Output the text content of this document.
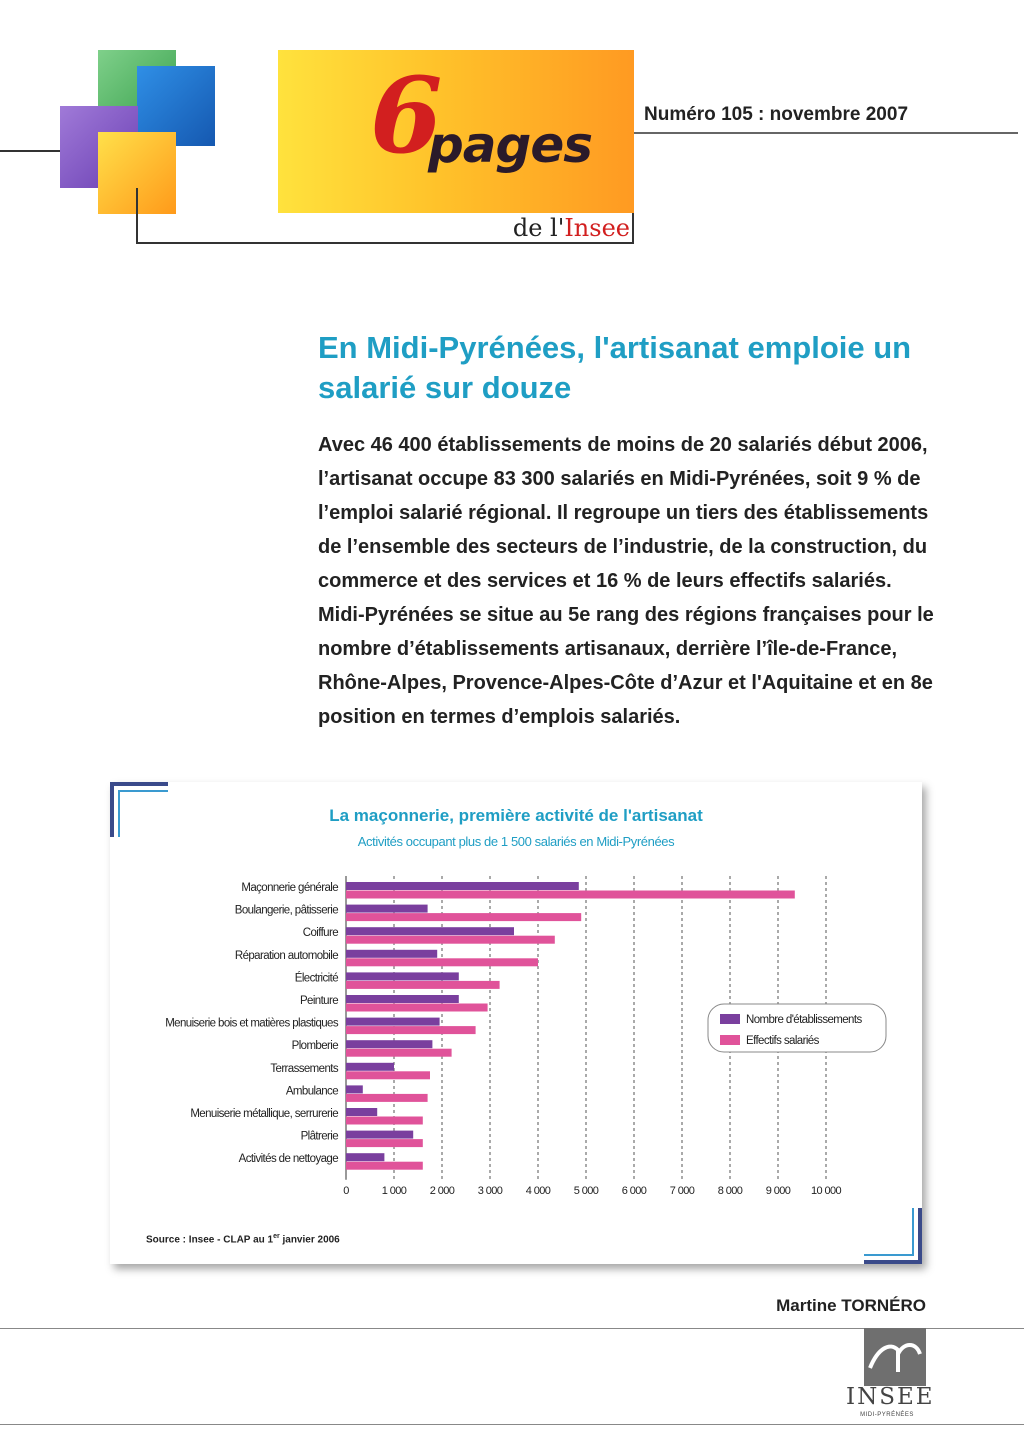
6
pages
de l'Insee
Numéro 105 : novembre 2007
En Midi-Pyrénées, l'artisanat emploie un salarié sur douze

Avec 46 400 établissements de moins de 20 salariés début 2006, l’artisanat occupe 83 300 salariés en Midi-Pyrénées, soit 9 % de l’emploi salarié régional. Il regroupe un tiers des établissements de l’ensemble des secteurs de l’industrie, de la construction, du commerce et des services et 16 % de leurs effectifs salariés. Midi-Pyrénées se situe au 5e rang des régions françaises pour le nombre d’établissements artisanaux, derrière l’île-de-France, Rhône-Alpes, Provence-Alpes-Côte d’Azur et l'Aquitaine et en 8e position en termes d’emplois salariés.

La maçonnerie, première activité de l'artisanat
Activités occupant plus de 1 500 salariés en Midi-Pyrénées
0	1 000 2 000 3 000 4 000 5 000 6 000 7 000 8 000 9 000 10 000
Maçonnerie générale
Boulangerie, pâtisserie
Coiffure
Réparation automobile
Électricité
Peinture
Menuiserie bois et matières plastiques
Plomberie
Terrassements
Ambulance
Menuiserie métallique, serrurerie
Plâtrerie
Activités de nettoyage
Nombre d'établissements
Effectifs salariés
Source : Insee - CLAP au 1er janvier 2006
Martine TORNÉRO
INSEE
MIDI-PYRÉNÉES
